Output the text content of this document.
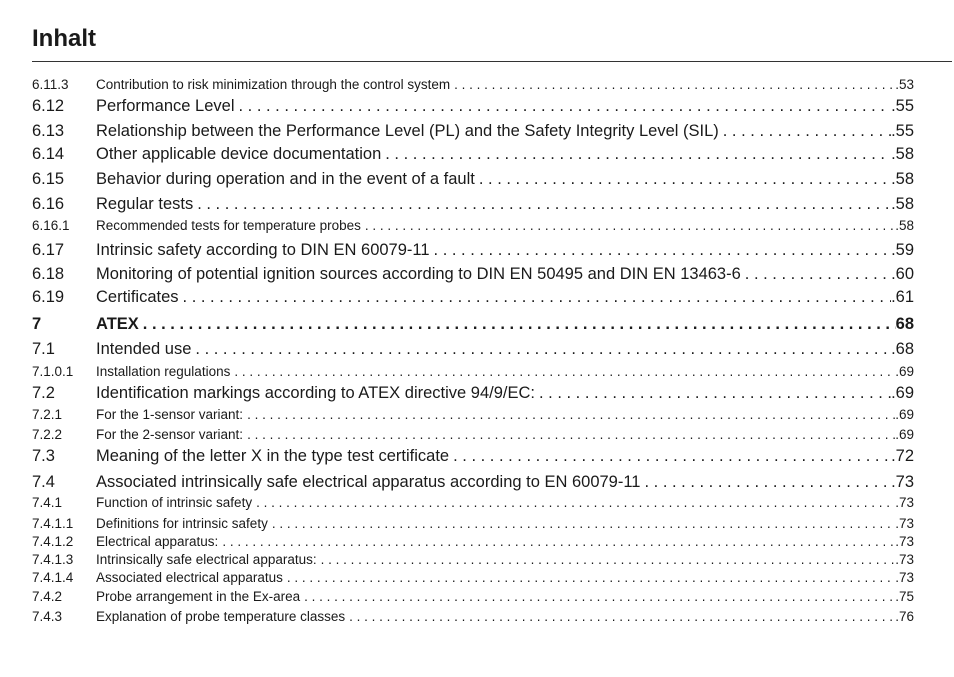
Inhalt
6.11.3	Contribution to risk minimization through the control system . . .	.53
6.12	Performance Level . . .	.55
6.13	Relationship between the Performance Level (PL) and the Safety Integrity Level (SIL) . . .	.55
6.14	Other applicable device documentation . . .	.58
6.15	Behavior during operation and in the event of a fault . . .	.58
6.16	Regular tests . . .	.58
6.16.1	Recommended tests for temperature probes . . .	.58
6.17	Intrinsic safety according to DIN EN 60079-11 . . .	.59
6.18	Monitoring of potential ignition sources according to DIN EN 50495 and DIN EN 13463-6 . . .	.60
6.19	Certificates . . .	.61
7	ATEX . . .	68
7.1	Intended use . . .	.68
7.1.0.1	Installation regulations . . .	.69
7.2	Identification markings according to ATEX directive 94/9/EC: . . .	.69
7.2.1	For the 1-sensor variant: . . .	.69
7.2.2	For the 2-sensor variant: . . .	.69
7.3	Meaning of the letter X in the type test certificate . . .	.72
7.4	Associated intrinsically safe electrical apparatus according to EN 60079-11 . . .	.73
7.4.1	Function of intrinsic safety . . .	.73
7.4.1.1	Definitions for intrinsic safety . . .	.73
7.4.1.2	Electrical apparatus: . . .	.73
7.4.1.3	Intrinsically safe electrical apparatus: . . .	.73
7.4.1.4	Associated electrical apparatus . . .	.73
7.4.2	Probe arrangement in the Ex-area . . .	.75
7.4.3	Explanation of probe temperature classes . . .	.76
